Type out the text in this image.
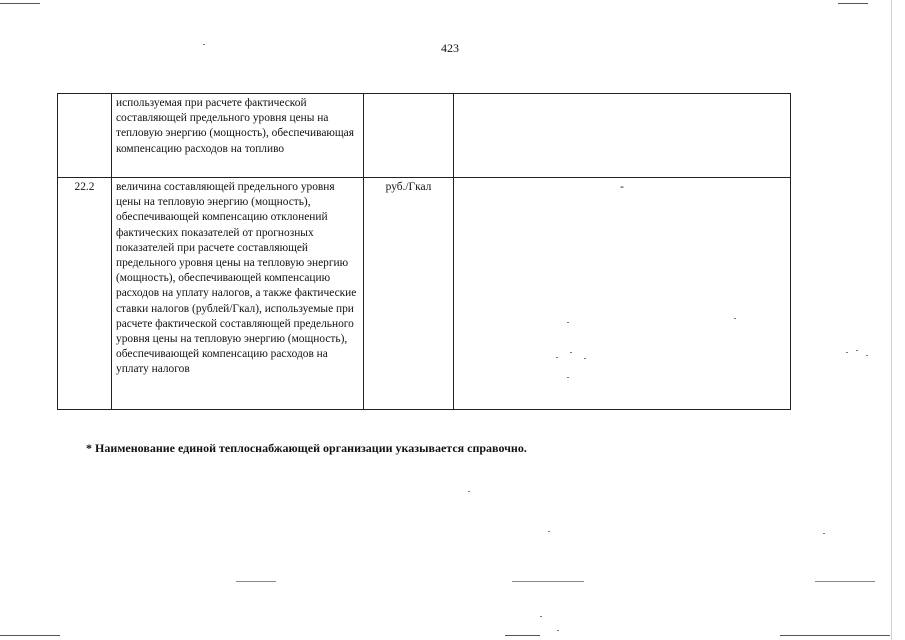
423
	используемая при расчете фактической составляющей предельного уровня цены на тепловую энергию (мощность), обеспечивающая компенсацию расходов на топливо		
22.2	величина составляющей предельного уровня цены на тепловую энергию (мощность), обеспечивающей компенсацию отклонений фактических показателей от прогнозных показателей при расчете составляющей предельного уровня цены на тепловую энергию (мощность), обеспечивающей компенсацию расходов на уплату налогов, а также фактические ставки налогов (рублей/Гкал), используемые при расчете фактической составляющей предельного уровня цены на тепловую энергию (мощность), обеспечивающей компенсацию расходов на уплату налогов	руб./Гкал	-
* Наименование единой теплоснабжающей организации указывается справочно.
